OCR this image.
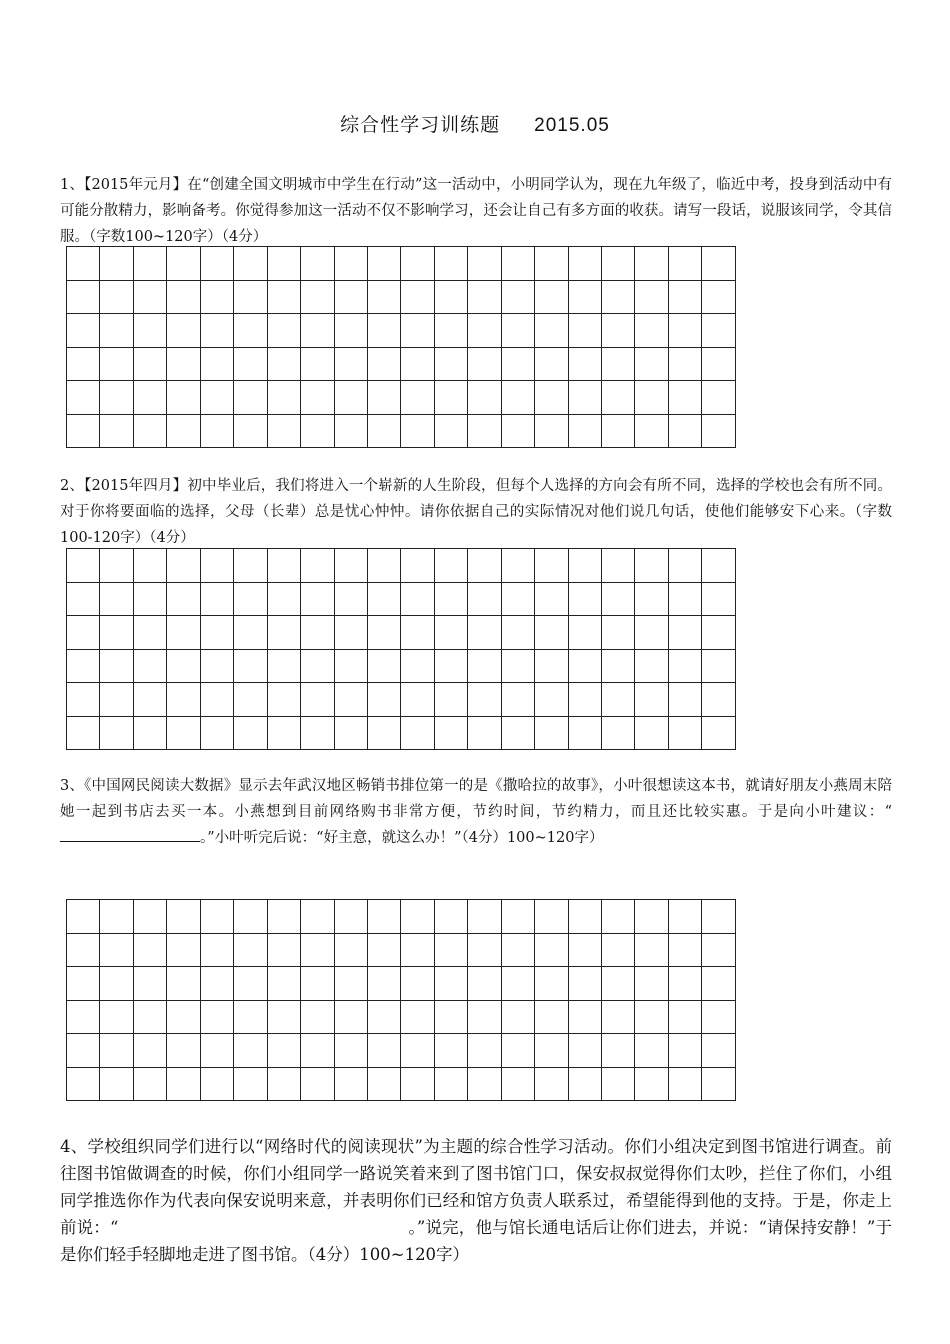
综合性学习训练题 2015.05
1、【2015年元月】在“创建全国文明城市中学生在行动”这一活动中，小明同学认为，现在九年级了，临近中考，投身到活动中有可能分散精力，影响备考。你觉得参加这一活动不仅不影响学习，还会让自己有多方面的收获。请写一段话，说服该同学，令其信服。（字数100~120字）（4分）

2、【2015年四月】初中毕业后，我们将进入一个崭新的人生阶段，但每个人选择的方向会有所不同，选择的学校也会有所不同。对于你将要面临的选择，父母（长辈）总是忧心忡忡。请你依据自己的实际情况对他们说几句话，使他们能够安下心来。（字数100-120字）（4分）

3、《中国网民阅读大数据》显示去年武汉地区畅销书排位第一的是《撒哈拉的故事》，小叶很想读这本书，就请好朋友小燕周末陪她一起到书店去买一本。小燕想到目前网络购书非常方便，节约时间，节约精力，而且还比较实惠。于是向小叶建议：“。”小叶听完后说：“好主意，就这么办！”（4分）100~120字）

4、学校组织同学们进行以“网络时代的阅读现状”为主题的综合性学习活动。你们小组决定到图书馆进行调查。前往图书馆做调查的时候，你们小组同学一路说笑着来到了图书馆门口，保安叔叔觉得你们太吵，拦住了你们，小组同学推选你作为代表向保安说明来意，并表明你们已经和馆方负责人联系过，希望能得到他的支持。于是，你走上前说：“	。”说完，他与馆长通电话后让你们进去，并说：“请保持安静！”于是你们轻手轻脚地走进了图书馆。（4分）100~120字）
